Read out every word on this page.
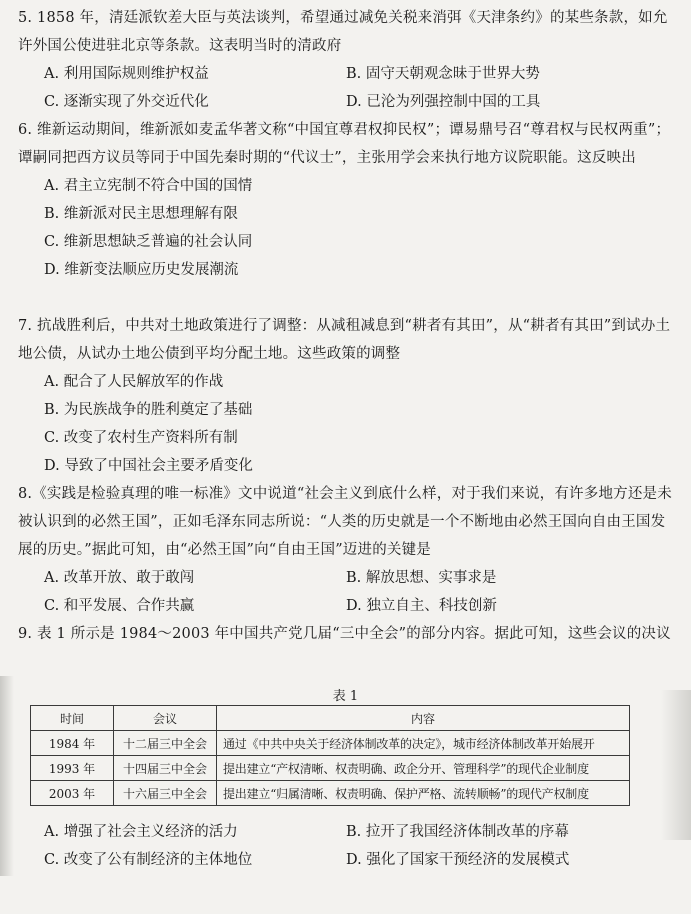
5. 1858 年，清廷派钦差大臣与英法谈判，希望通过减免关税来消弭《天津条约》的某些条款，如允许外国公使进驻北京等条款。这表明当时的清政府
A. 利用国际规则维护权益	B. 固守天朝观念昧于世界大势
C. 逐渐实现了外交近代化	D. 已沦为列强控制中国的工具
6. 维新运动期间，维新派如麦孟华著文称“中国宜尊君权抑民权”；谭易鼎号召“尊君权与民权两重”；谭嗣同把西方议员等同于中国先秦时期的“代议士”，主张用学会来执行地方议院职能。这反映出
A. 君主立宪制不符合中国的国情
B. 维新派对民主思想理解有限
C. 维新思想缺乏普遍的社会认同
D. 维新变法顺应历史发展潮流
7. 抗战胜利后，中共对土地政策进行了调整：从减租减息到“耕者有其田”，从“耕者有其田”到试办土地公债，从试办土地公债到平均分配土地。这些政策的调整
A. 配合了人民解放军的作战
B. 为民族战争的胜利奠定了基础
C. 改变了农村生产资料所有制
D. 导致了中国社会主要矛盾变化
8.《实践是检验真理的唯一标准》文中说道“社会主义到底什么样，对于我们来说，有许多地方还是未被认识到的必然王国”，正如毛泽东同志所说：“人类的历史就是一个不断地由必然王国向自由王国发展的历史。”据此可知，由“必然王国”向“自由王国”迈进的关键是
A. 改革开放、敢于敢闯	B. 解放思想、实事求是
C. 和平发展、合作共赢	D. 独立自主、科技创新
9. 表 1 所示是 1984～2003 年中国共产党几届“三中全会”的部分内容。据此可知，这些会议的决议
表 1
时间	会议	内容
1984 年	十二届三中全会	通过《中共中央关于经济体制改革的决定》，城市经济体制改革开始展开
1993 年	十四届三中全会	提出建立“产权清晰、权责明确、政企分开、管理科学”的现代企业制度
2003 年	十六届三中全会	提出建立“归属清晰、权责明确、保护严格、流转顺畅”的现代产权制度
A. 增强了社会主义经济的活力	B. 拉开了我国经济体制改革的序幕
C. 改变了公有制经济的主体地位	D. 强化了国家干预经济的发展模式
